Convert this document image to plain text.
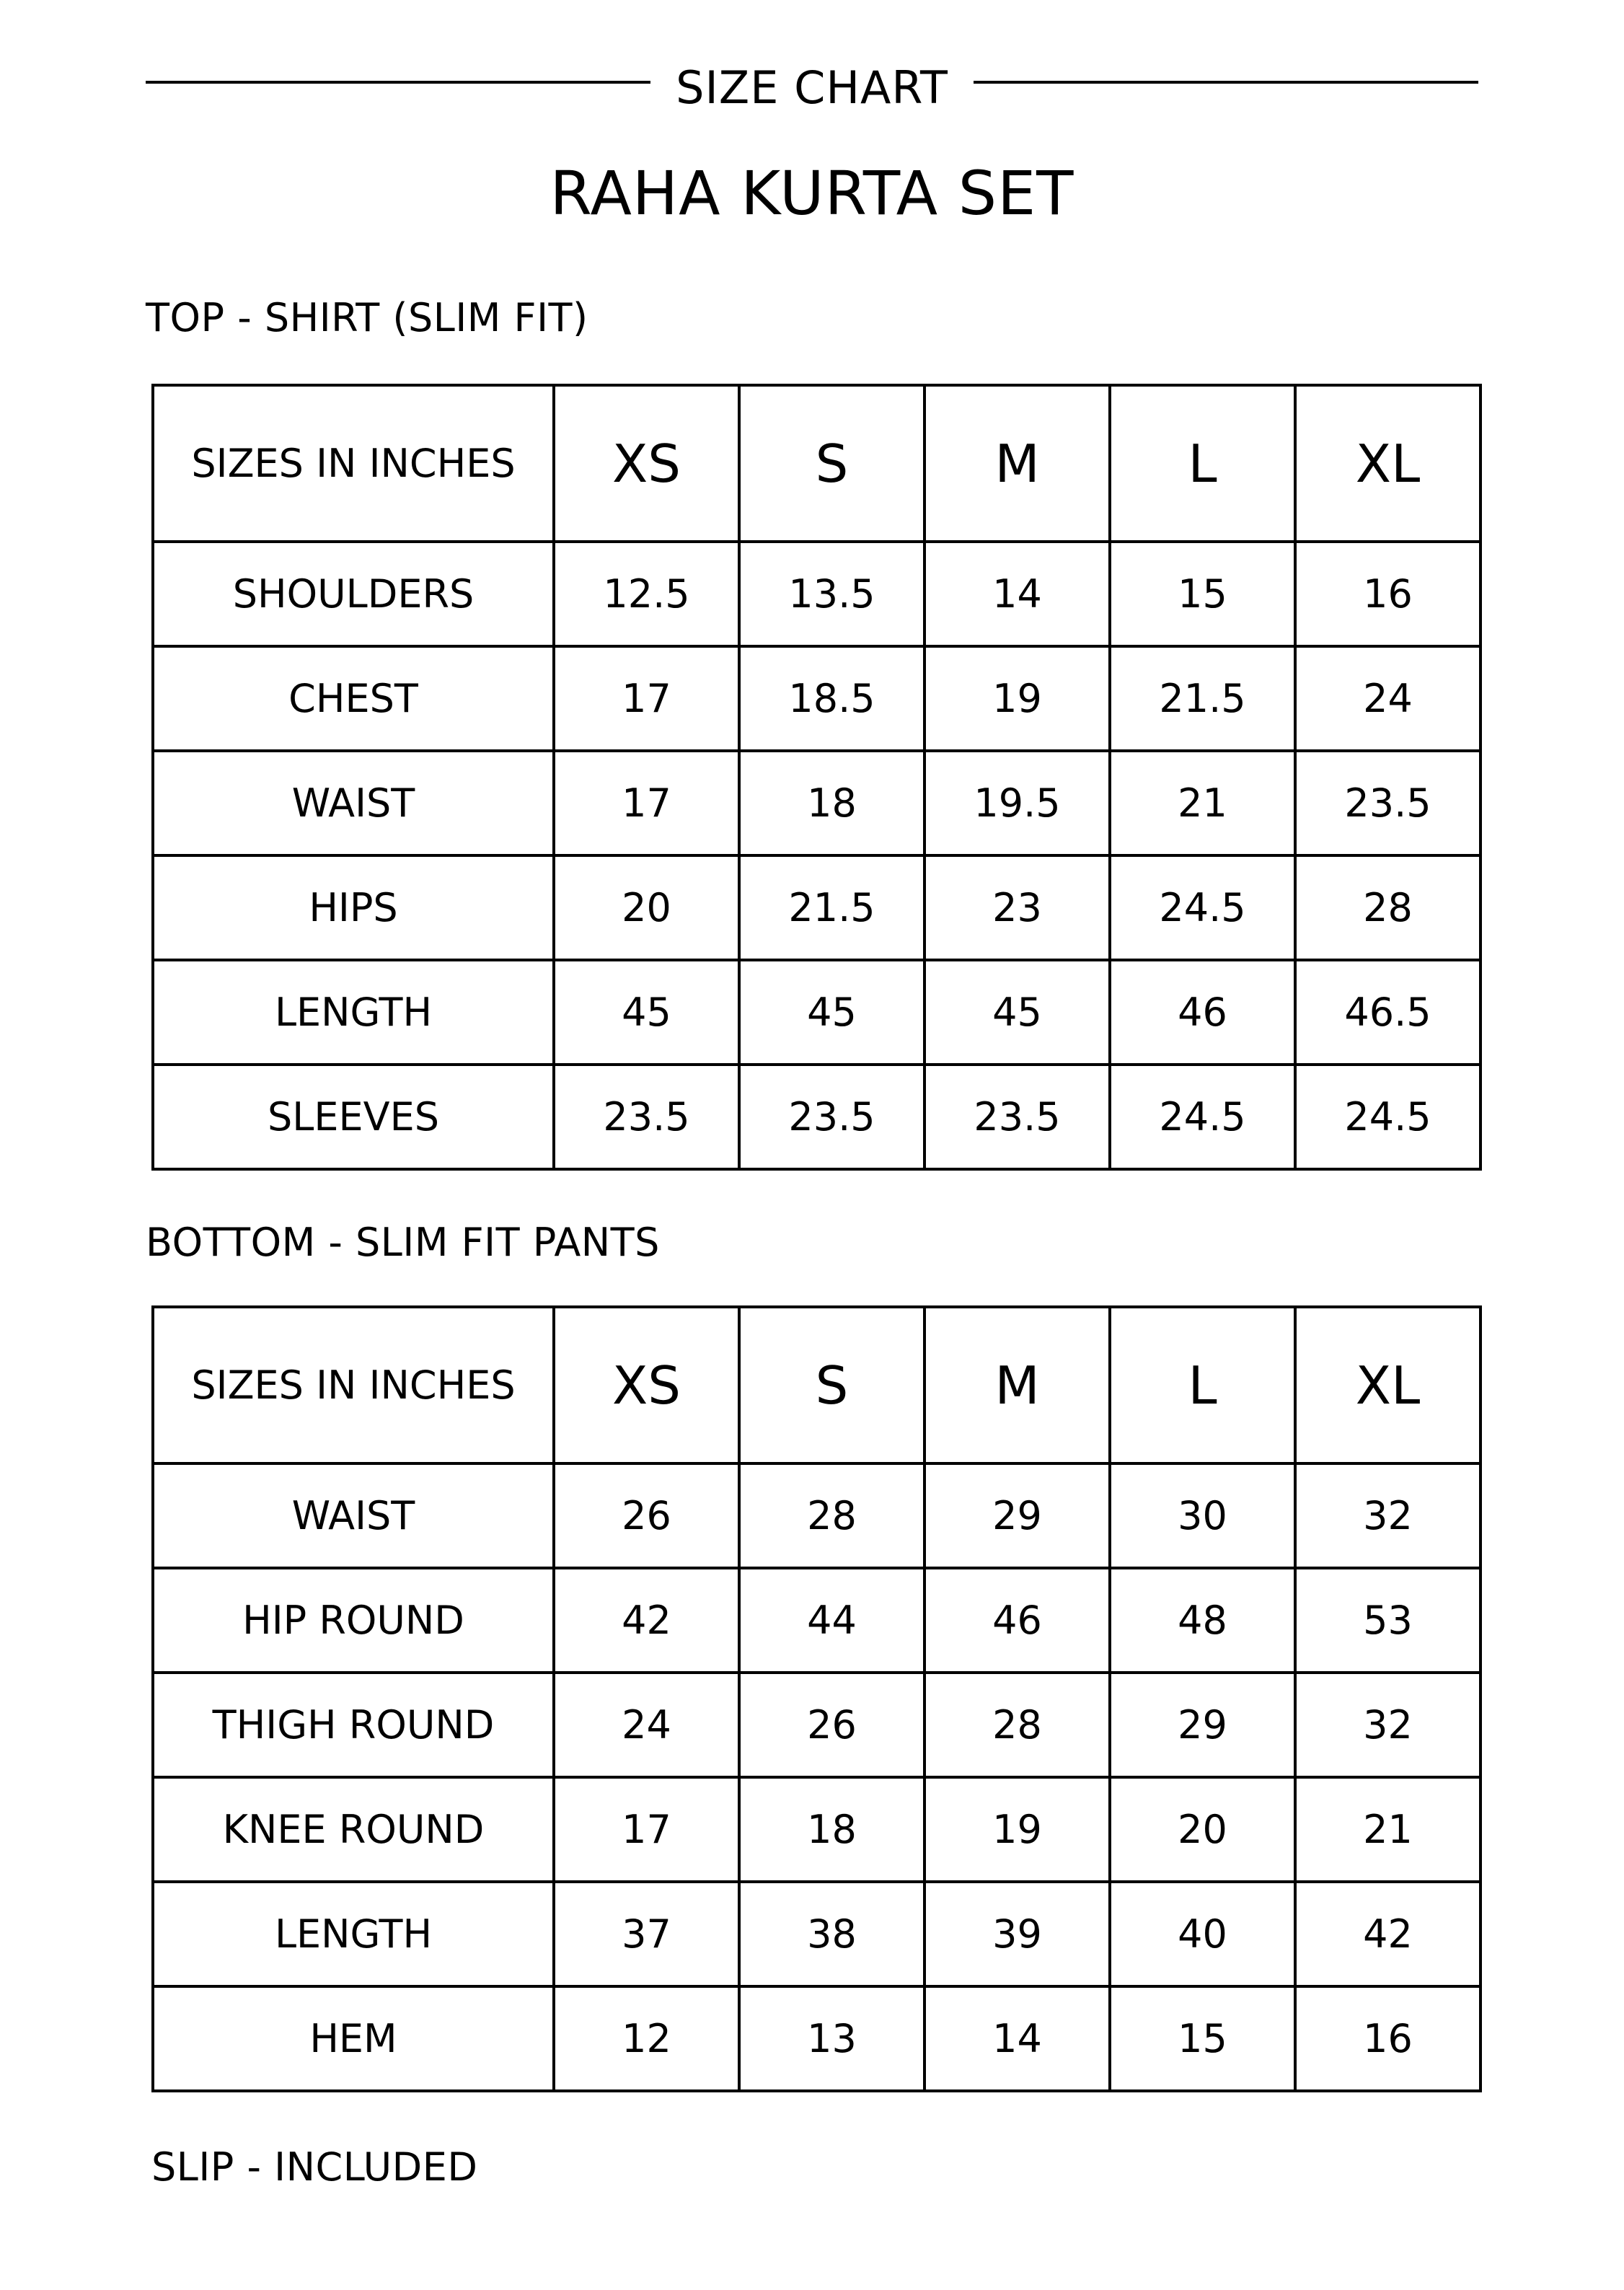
SIZE CHART
RAHA KURTA SET
TOP - SHIRT (SLIM FIT)
SIZES IN INCHES	XS	S	M	L	XL
SHOULDERS	12.5	13.5	14	15	16
CHEST	17	18.5	19	21.5	24
WAIST	17	18	19.5	21	23.5
HIPS	20	21.5	23	24.5	28
LENGTH	45	45	45	46	46.5
SLEEVES	23.5	23.5	23.5	24.5	24.5
BOTTOM - SLIM FIT PANTS
SIZES IN INCHES	XS	S	M	L	XL
WAIST	26	28	29	30	32
HIP ROUND	42	44	46	48	53
THIGH ROUND	24	26	28	29	32
KNEE ROUND	17	18	19	20	21
LENGTH	37	38	39	40	42
HEM	12	13	14	15	16
SLIP - INCLUDED
